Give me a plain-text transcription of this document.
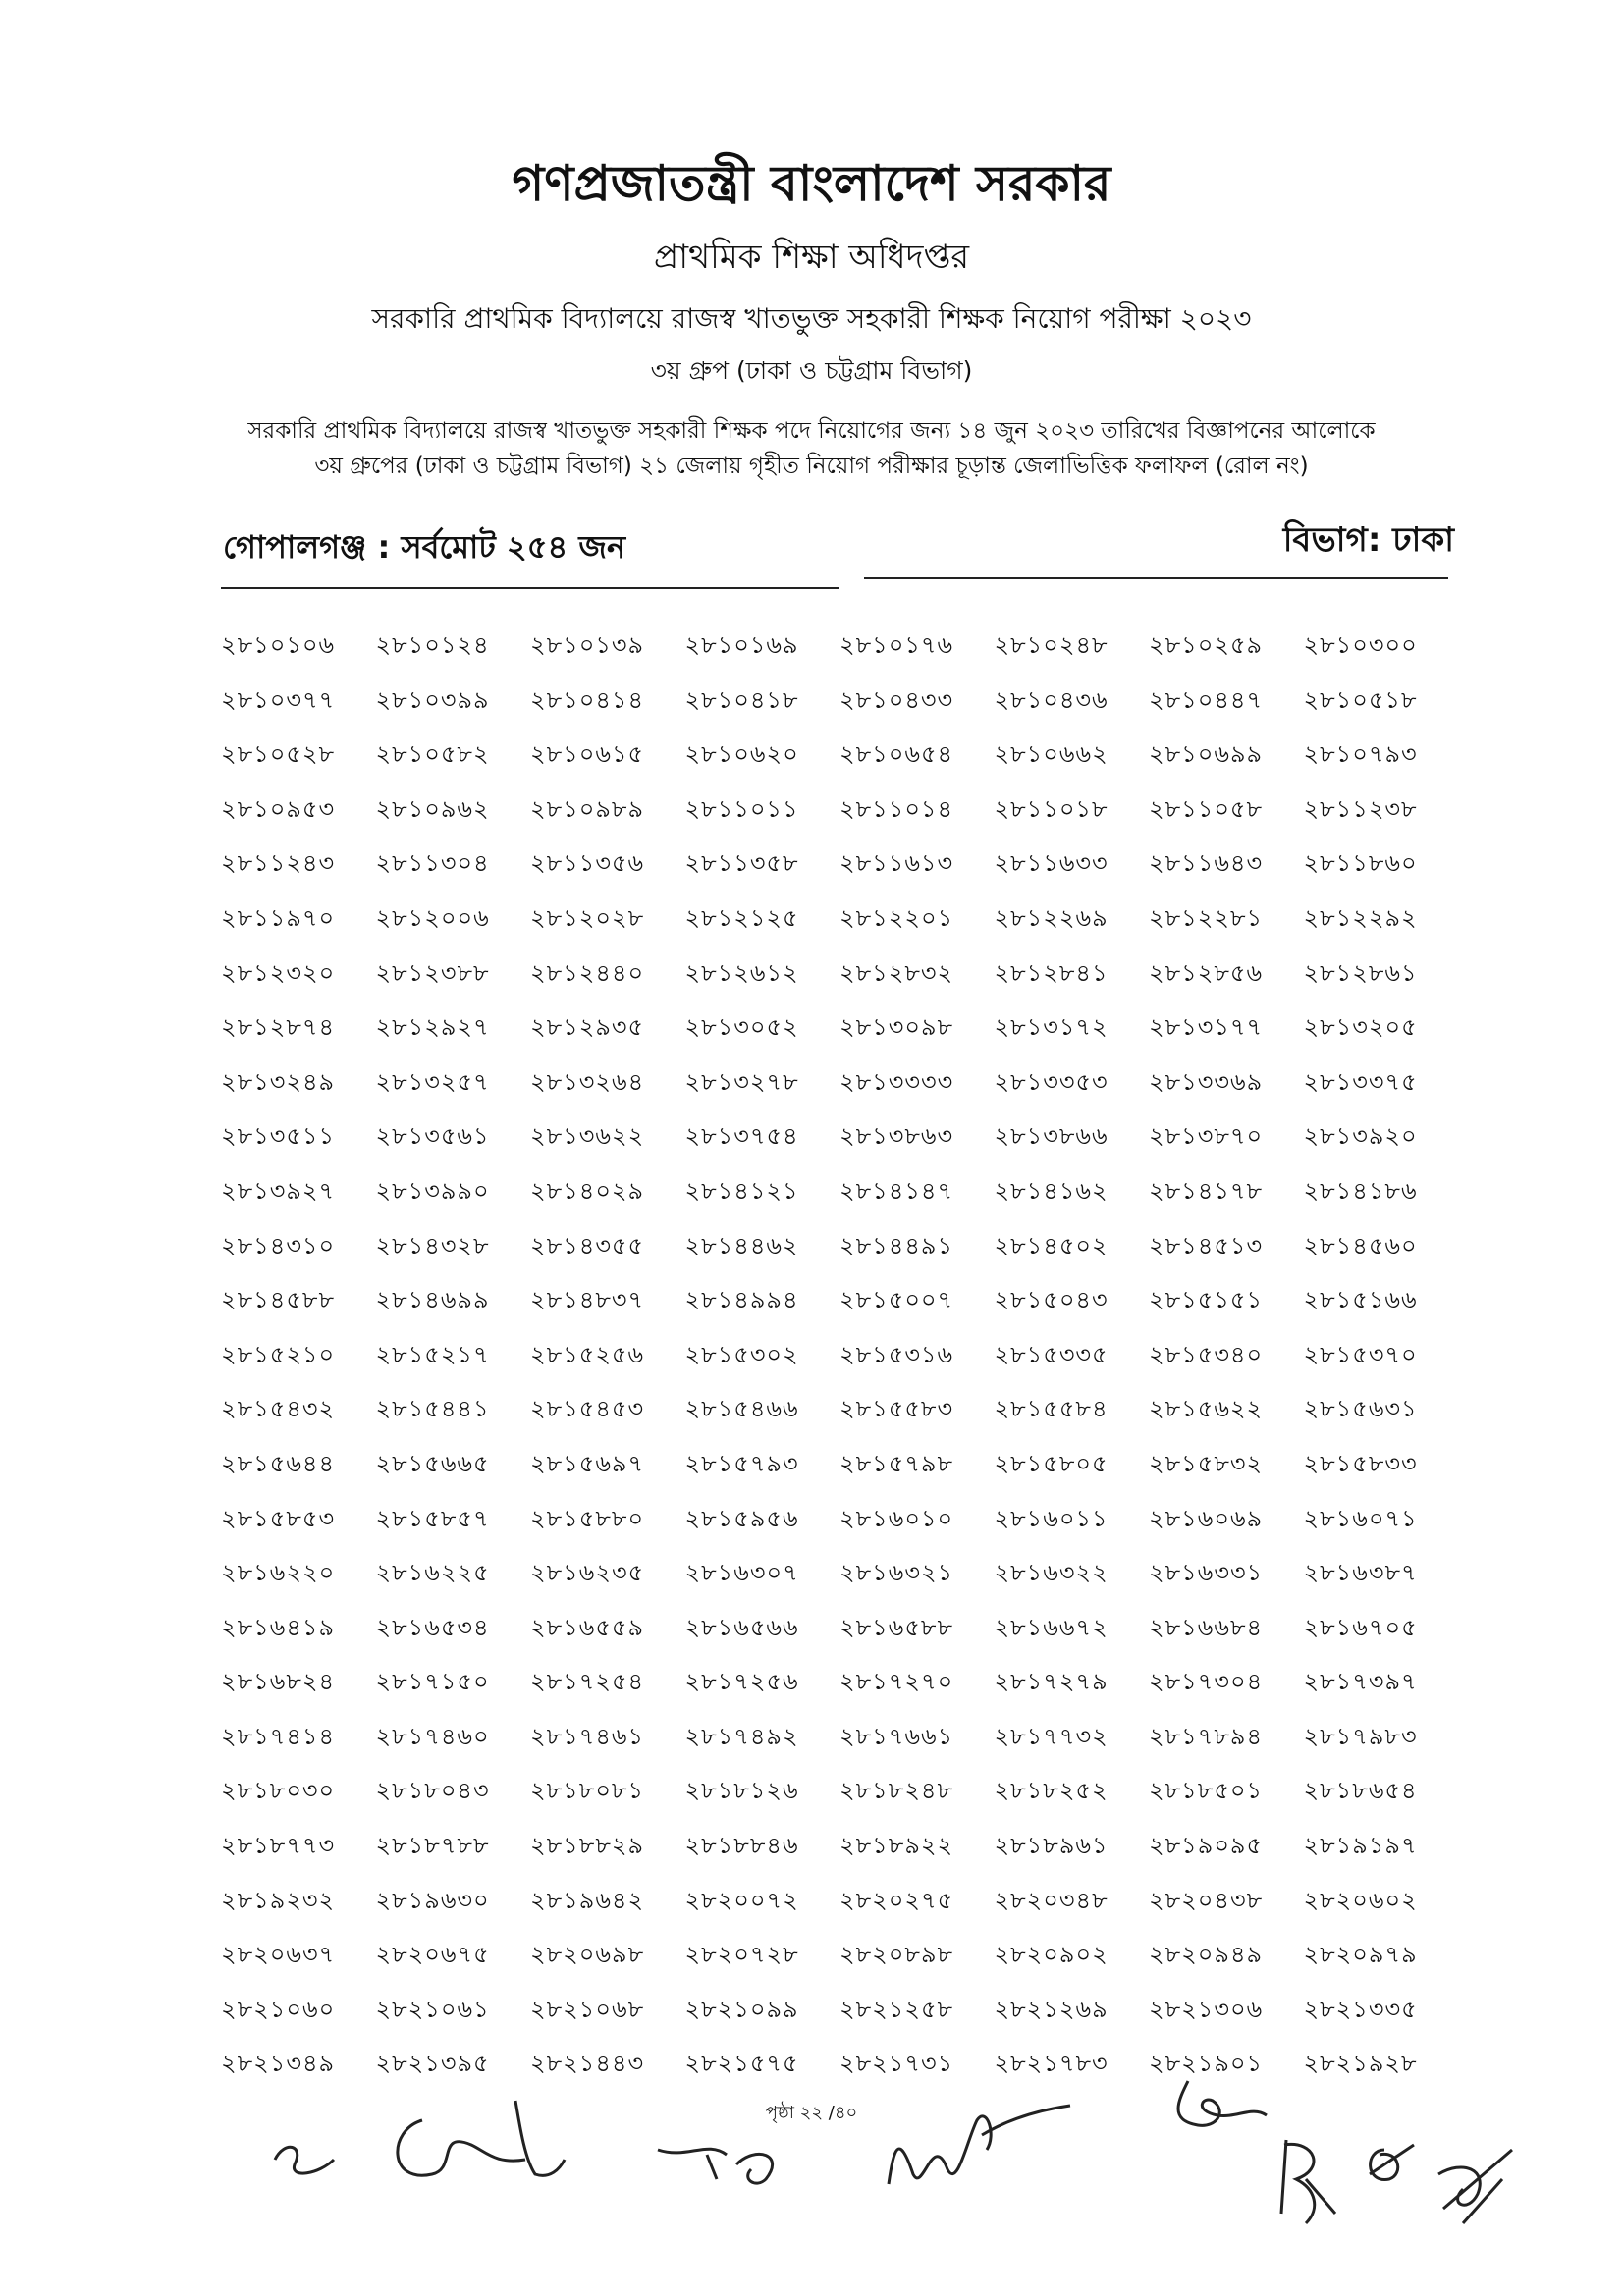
গণপ্রজাতন্ত্রী বাংলাদেশ সরকার
প্রাথমিক শিক্ষা অধিদপ্তর
সরকারি প্রাথমিক বিদ্যালয়ে রাজস্ব খাতভুক্ত সহকারী শিক্ষক নিয়োগ পরীক্ষা ২০২৩
৩য় গ্রুপ (ঢাকা ও চট্টগ্রাম বিভাগ)
সরকারি প্রাথমিক বিদ্যালয়ে রাজস্ব খাতভুক্ত সহকারী শিক্ষক পদে নিয়োগের জন্য ১৪ জুন ২০২৩ তারিখের বিজ্ঞাপনের আলোকে
৩য় গ্রুপের (ঢাকা ও চট্টগ্রাম বিভাগ) ২১ জেলায় গৃহীত নিয়োগ পরীক্ষার চূড়ান্ত জেলাভিত্তিক ফলাফল (রোল নং)
গোপালগঞ্জ : সর্বমোট ২৫৪ জন	বিভাগ: ঢাকা
২৮১০১০৬	২৮১০১২৪	২৮১০১৩৯	২৮১০১৬৯	২৮১০১৭৬	২৮১০২৪৮	২৮১০২৫৯	২৮১০৩০০
২৮১০৩৭৭	২৮১০৩৯৯	২৮১০৪১৪	২৮১০৪১৮	২৮১০৪৩৩	২৮১০৪৩৬	২৮১০৪৪৭	২৮১০৫১৮
২৮১০৫২৮	২৮১০৫৮২	২৮১০৬১৫	২৮১০৬২০	২৮১০৬৫৪	২৮১০৬৬২	২৮১০৬৯৯	২৮১০৭৯৩
২৮১০৯৫৩	২৮১০৯৬২	২৮১০৯৮৯	২৮১১০১১	২৮১১০১৪	২৮১১০১৮	২৮১১০৫৮	২৮১১২৩৮
২৮১১২৪৩	২৮১১৩০৪	২৮১১৩৫৬	২৮১১৩৫৮	২৮১১৬১৩	২৮১১৬৩৩	২৮১১৬৪৩	২৮১১৮৬০
২৮১১৯৭০	২৮১২০০৬	২৮১২০২৮	২৮১২১২৫	২৮১২২০১	২৮১২২৬৯	২৮১২২৮১	২৮১২২৯২
২৮১২৩২০	২৮১২৩৮৮	২৮১২৪৪০	২৮১২৬১২	২৮১২৮৩২	২৮১২৮৪১	২৮১২৮৫৬	২৮১২৮৬১
২৮১২৮৭৪	২৮১২৯২৭	২৮১২৯৩৫	২৮১৩০৫২	২৮১৩০৯৮	২৮১৩১৭২	২৮১৩১৭৭	২৮১৩২০৫
২৮১৩২৪৯	২৮১৩২৫৭	২৮১৩২৬৪	২৮১৩২৭৮	২৮১৩৩৩৩	২৮১৩৩৫৩	২৮১৩৩৬৯	২৮১৩৩৭৫
২৮১৩৫১১	২৮১৩৫৬১	২৮১৩৬২২	২৮১৩৭৫৪	২৮১৩৮৬৩	২৮১৩৮৬৬	২৮১৩৮৭০	২৮১৩৯২০
২৮১৩৯২৭	২৮১৩৯৯০	২৮১৪০২৯	২৮১৪১২১	২৮১৪১৪৭	২৮১৪১৬২	২৮১৪১৭৮	২৮১৪১৮৬
২৮১৪৩১০	২৮১৪৩২৮	২৮১৪৩৫৫	২৮১৪৪৬২	২৮১৪৪৯১	২৮১৪৫০২	২৮১৪৫১৩	২৮১৪৫৬০
২৮১৪৫৮৮	২৮১৪৬৯৯	২৮১৪৮৩৭	২৮১৪৯৯৪	২৮১৫০০৭	২৮১৫০৪৩	২৮১৫১৫১	২৮১৫১৬৬
২৮১৫২১০	২৮১৫২১৭	২৮১৫২৫৬	২৮১৫৩০২	২৮১৫৩১৬	২৮১৫৩৩৫	২৮১৫৩৪০	২৮১৫৩৭০
২৮১৫৪৩২	২৮১৫৪৪১	২৮১৫৪৫৩	২৮১৫৪৬৬	২৮১৫৫৮৩	২৮১৫৫৮৪	২৮১৫৬২২	২৮১৫৬৩১
২৮১৫৬৪৪	২৮১৫৬৬৫	২৮১৫৬৯৭	২৮১৫৭৯৩	২৮১৫৭৯৮	২৮১৫৮০৫	২৮১৫৮৩২	২৮১৫৮৩৩
২৮১৫৮৫৩	২৮১৫৮৫৭	২৮১৫৮৮০	২৮১৫৯৫৬	২৮১৬০১০	২৮১৬০১১	২৮১৬০৬৯	২৮১৬০৭১
২৮১৬২২০	২৮১৬২২৫	২৮১৬২৩৫	২৮১৬৩০৭	২৮১৬৩২১	২৮১৬৩২২	২৮১৬৩৩১	২৮১৬৩৮৭
২৮১৬৪১৯	২৮১৬৫৩৪	২৮১৬৫৫৯	২৮১৬৫৬৬	২৮১৬৫৮৮	২৮১৬৬৭২	২৮১৬৬৮৪	২৮১৬৭০৫
২৮১৬৮২৪	২৮১৭১৫০	২৮১৭২৫৪	২৮১৭২৫৬	২৮১৭২৭০	২৮১৭২৭৯	২৮১৭৩০৪	২৮১৭৩৯৭
২৮১৭৪১৪	২৮১৭৪৬০	২৮১৭৪৬১	২৮১৭৪৯২	২৮১৭৬৬১	২৮১৭৭৩২	২৮১৭৮৯৪	২৮১৭৯৮৩
২৮১৮০৩০	২৮১৮০৪৩	২৮১৮০৮১	২৮১৮১২৬	২৮১৮২৪৮	২৮১৮২৫২	২৮১৮৫০১	২৮১৮৬৫৪
২৮১৮৭৭৩	২৮১৮৭৮৮	২৮১৮৮২৯	২৮১৮৮৪৬	২৮১৮৯২২	২৮১৮৯৬১	২৮১৯০৯৫	২৮১৯১৯৭
২৮১৯২৩২	২৮১৯৬৩০	২৮১৯৬৪২	২৮২০০৭২	২৮২০২৭৫	২৮২০৩৪৮	২৮২০৪৩৮	২৮২০৬০২
২৮২০৬৩৭	২৮২০৬৭৫	২৮২০৬৯৮	২৮২০৭২৮	২৮২০৮৯৮	২৮২০৯০২	২৮২০৯৪৯	২৮২০৯৭৯
২৮২১০৬০	২৮২১০৬১	২৮২১০৬৮	২৮২১০৯৯	২৮২১২৫৮	২৮২১২৬৯	২৮২১৩০৬	২৮২১৩৩৫
২৮২১৩৪৯	২৮২১৩৯৫	২৮২১৪৪৩	২৮২১৫৭৫	২৮২১৭৩১	২৮২১৭৮৩	২৮২১৯০১	২৮২১৯২৮
পৃষ্ঠা ২২ /৪০
